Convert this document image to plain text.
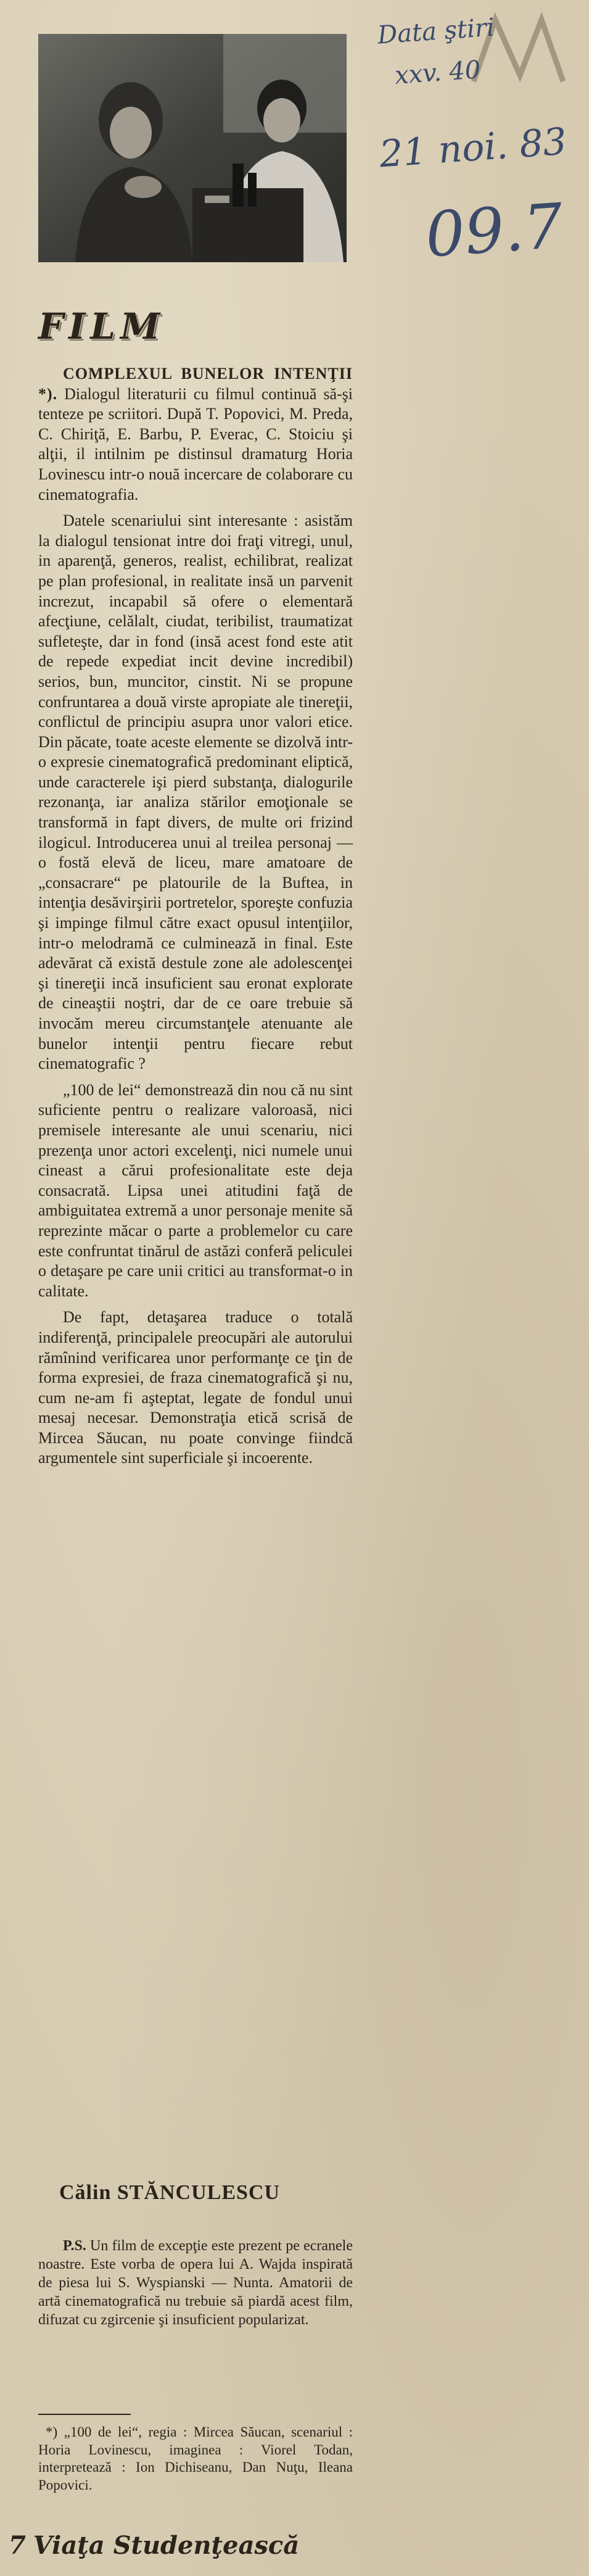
Data ştiri
xxv. 40
21 noi. 83
09.7
FILM

COMPLEXUL BUNELOR INTENŢII *). Dialogul literaturii cu filmul continuă să-şi tenteze pe scriitori. După T. Popovici, M. Preda, C. Chiriţă, E. Barbu, P. Everac, C. Stoiciu şi alţii, il intilnim pe distinsul dramaturg Horia Lovinescu intr-o nouă incercare de colaborare cu cinematografia.

Datele scenariului sint interesante : asistăm la dialogul tensionat intre doi fraţi vitregi, unul, in aparenţă, generos, realist, echilibrat, realizat pe plan profesional, in realitate insă un parvenit increzut, incapabil să ofere o elementară afecţiune, celălalt, ciudat, teribilist, traumatizat sufleteşte, dar in fond (insă acest fond este atit de repede expediat incit devine incredibil) serios, bun, muncitor, cinstit. Ni se propune confruntarea a două virste apropiate ale tinereţii, conflictul de principiu asupra unor valori etice. Din păcate, toate aceste elemente se dizolvă intr-o expresie cinematografică predominant eliptică, unde caracterele işi pierd substanţa, dialogurile rezonanţa, iar analiza stărilor emoţionale se transformă in fapt divers, de multe ori frizind ilogicul. Introducerea unui al treilea personaj — o fostă elevă de liceu, mare amatoare de „consacrare“ pe platourile de la Buftea, in intenţia desăvirşirii portretelor, sporeşte confuzia şi impinge filmul către exact opusul intenţiilor, intr-o melodramă ce culminează in final. Este adevărat că există destule zone ale adolescenţei şi tinereţii incă insuficient sau eronat explorate de cineaştii noştri, dar de ce oare trebuie să invocăm mereu circumstanţele atenuante ale bunelor intenţii pentru fiecare rebut cinematografic ?

„100 de lei“ demonstrează din nou că nu sint suficiente pentru o realizare valoroasă, nici premisele interesante ale unui scenariu, nici prezenţa unor actori excelenţi, nici numele unui cineast a cărui profesionalitate este deja consacrată. Lipsa unei atitudini faţă de ambiguitatea extremă a unor personaje menite să reprezinte măcar o parte a problemelor cu care este confruntat tinărul de astăzi conferă peliculei o detaşare pe care unii critici au transformat-o in calitate.

De fapt, detaşarea traduce o totală indiferenţă, principalele preocupări ale autorului rămînind verificarea unor performanţe ce ţin de forma expresiei, de fraza cinematografică şi nu, cum ne-am fi aşteptat, legate de fondul unui mesaj necesar. Demonstraţia etică scrisă de Mircea Săucan, nu poate convinge fiindcă argumentele sint superficiale şi incoerente.

Călin STĂNCULESCU

P.S. Un film de excepţie este prezent pe ecranele noastre. Este vorba de opera lui A. Wajda inspirată de piesa lui S. Wyspianski — Nunta. Amatorii de artă cinematografică nu trebuie să piardă acest film, difuzat cu zgircenie şi insuficient popularizat.

*) „100 de lei“, regia : Mircea Săucan, scenariul : Horia Lovinescu, imaginea : Viorel Todan, interpretează : Ion Dichiseanu, Dan Nuţu, Ileana Popovici.

7 Viaţa Studenţească
